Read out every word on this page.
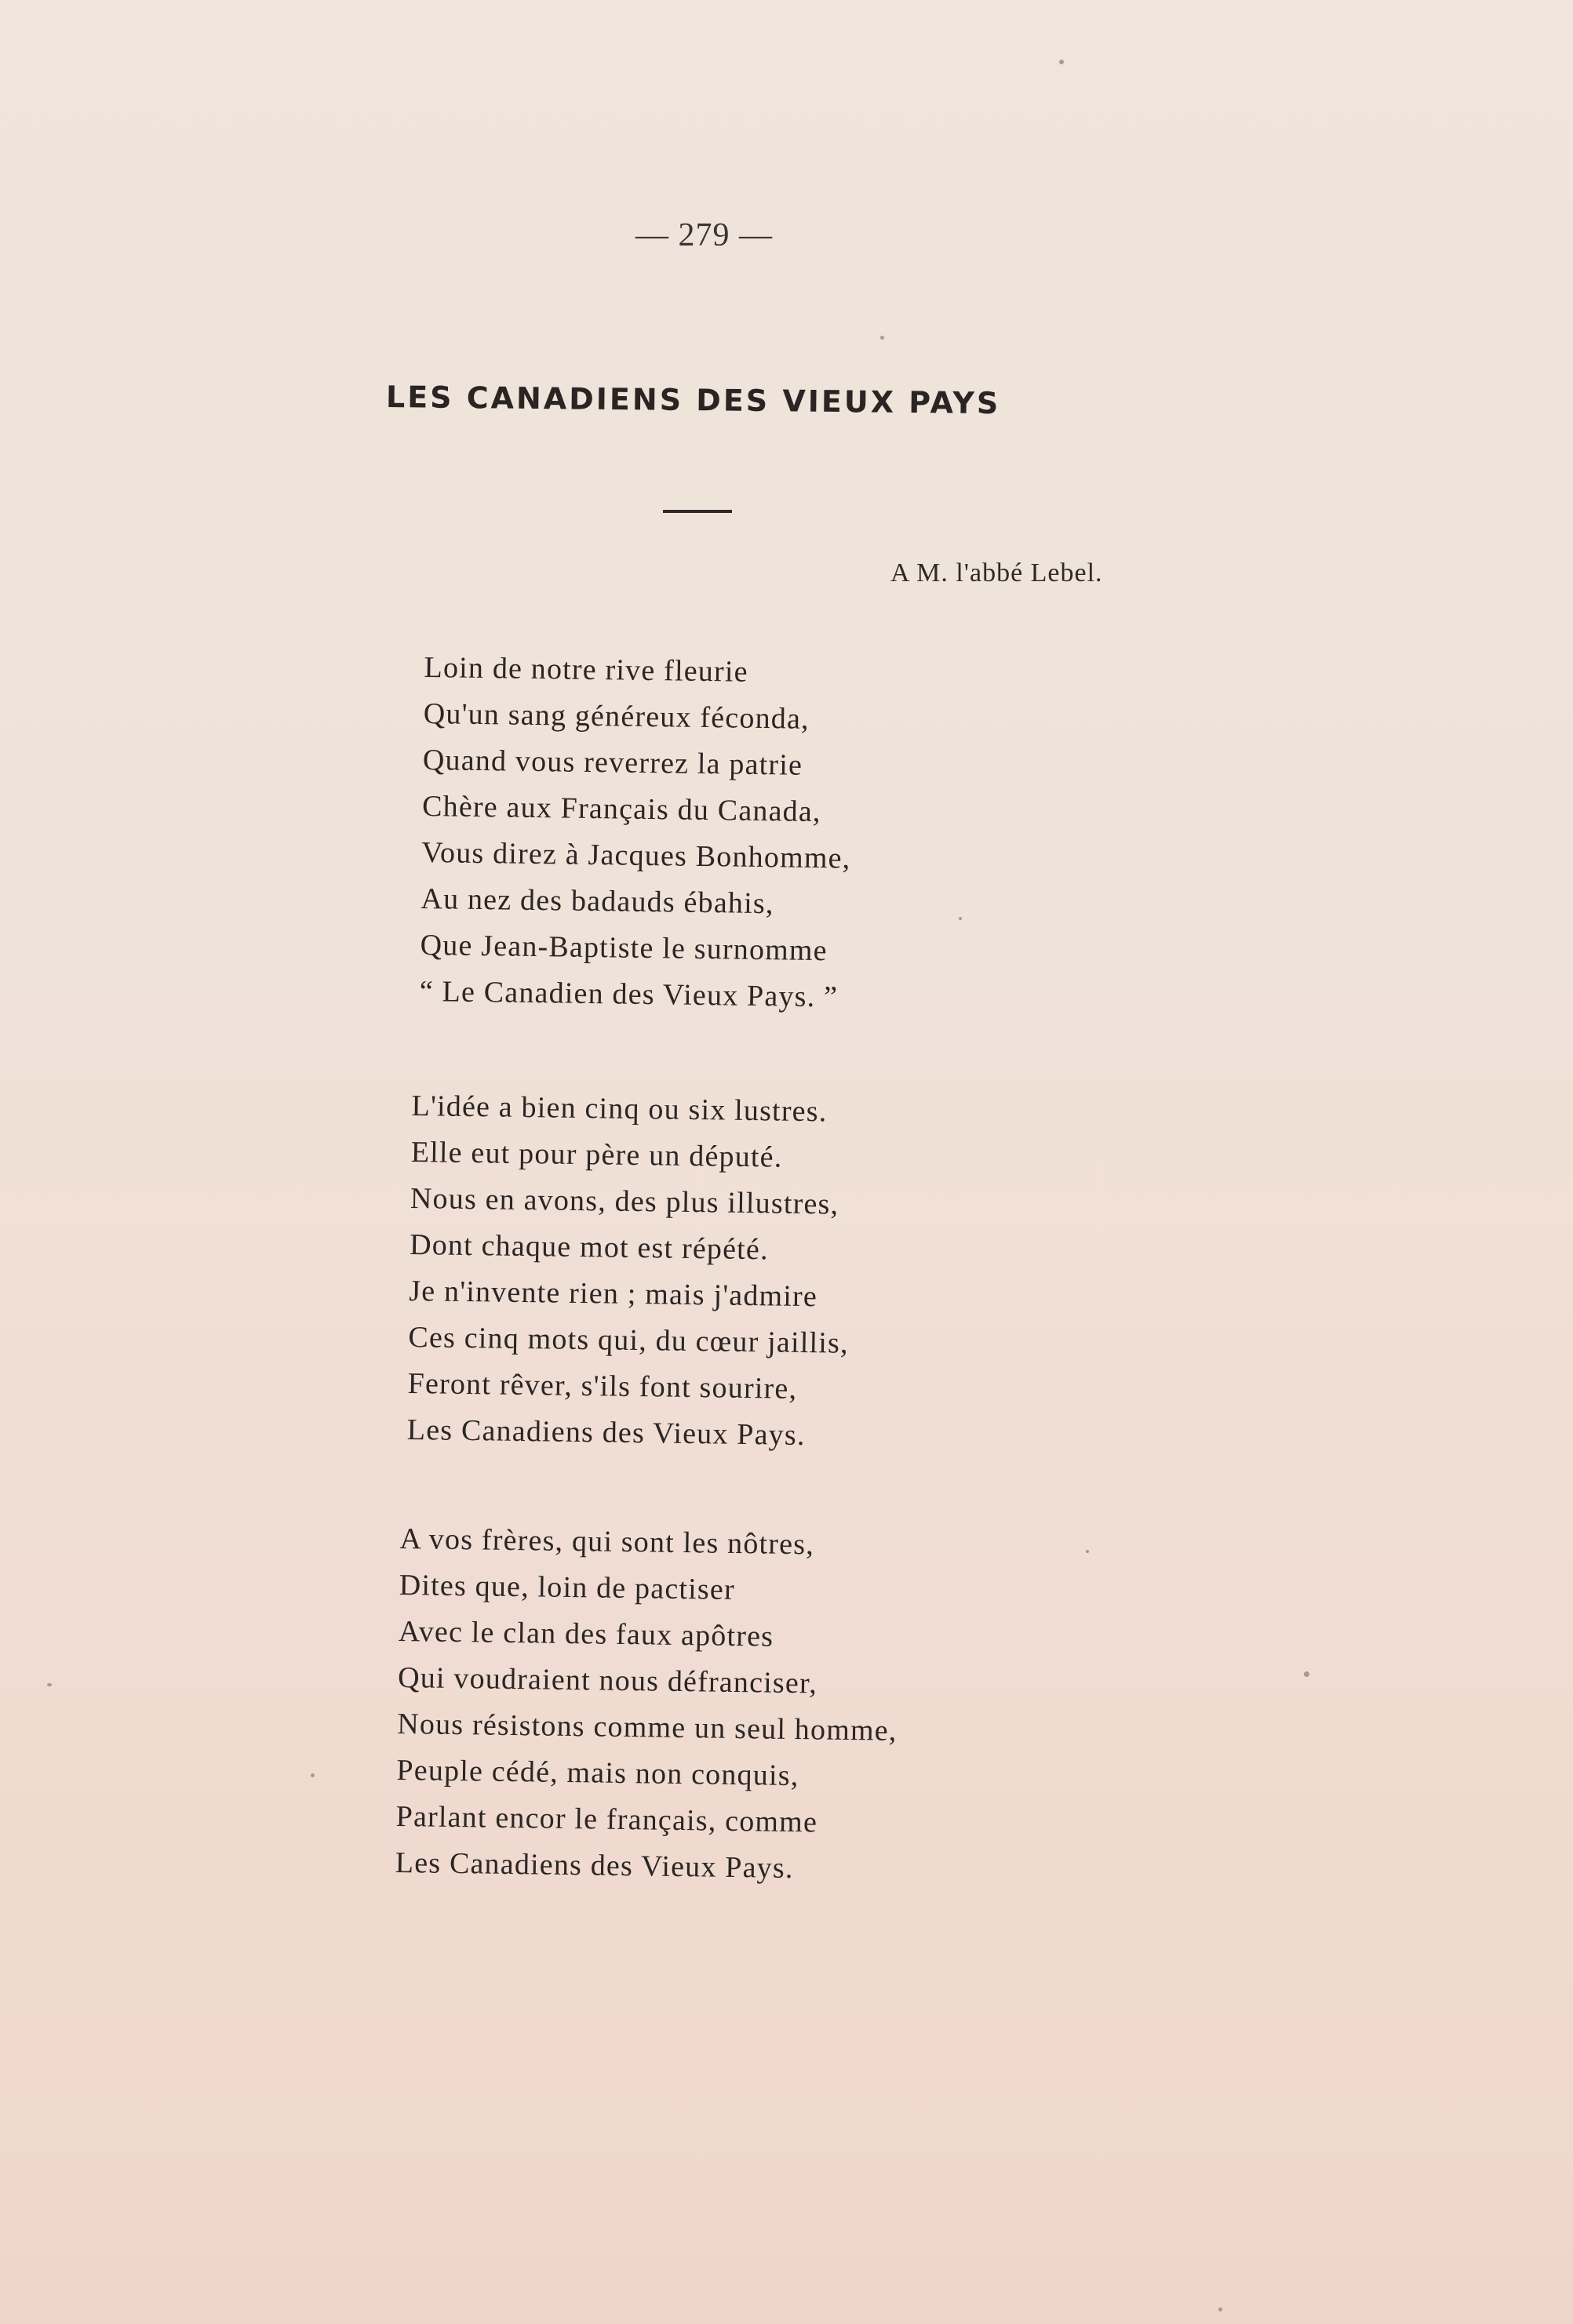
— 279 —
LES CANADIENS DES VIEUX PAYS
A M. l'abbé Lebel.
Loin de notre rive fleurie
Qu'un sang généreux féconda,
Quand vous reverrez la patrie
Chère aux Français du Canada,
Vous direz à Jacques Bonhomme,
Au nez des badauds ébahis,
Que Jean-Baptiste le surnomme
“ Le Canadien des Vieux Pays. ”
L'idée a bien cinq ou six lustres.
Elle eut pour père un député.
Nous en avons, des plus illustres,
Dont chaque mot est répété.
Je n'invente rien ; mais j'admire
Ces cinq mots qui, du cœur jaillis,
Feront rêver, s'ils font sourire,
Les Canadiens des Vieux Pays.
A vos frères, qui sont les nôtres,
Dites que, loin de pactiser
Avec le clan des faux apôtres
Qui voudraient nous défranciser,
Nous résistons comme un seul homme,
Peuple cédé, mais non conquis,
Parlant encor le français, comme
Les Canadiens des Vieux Pays.
